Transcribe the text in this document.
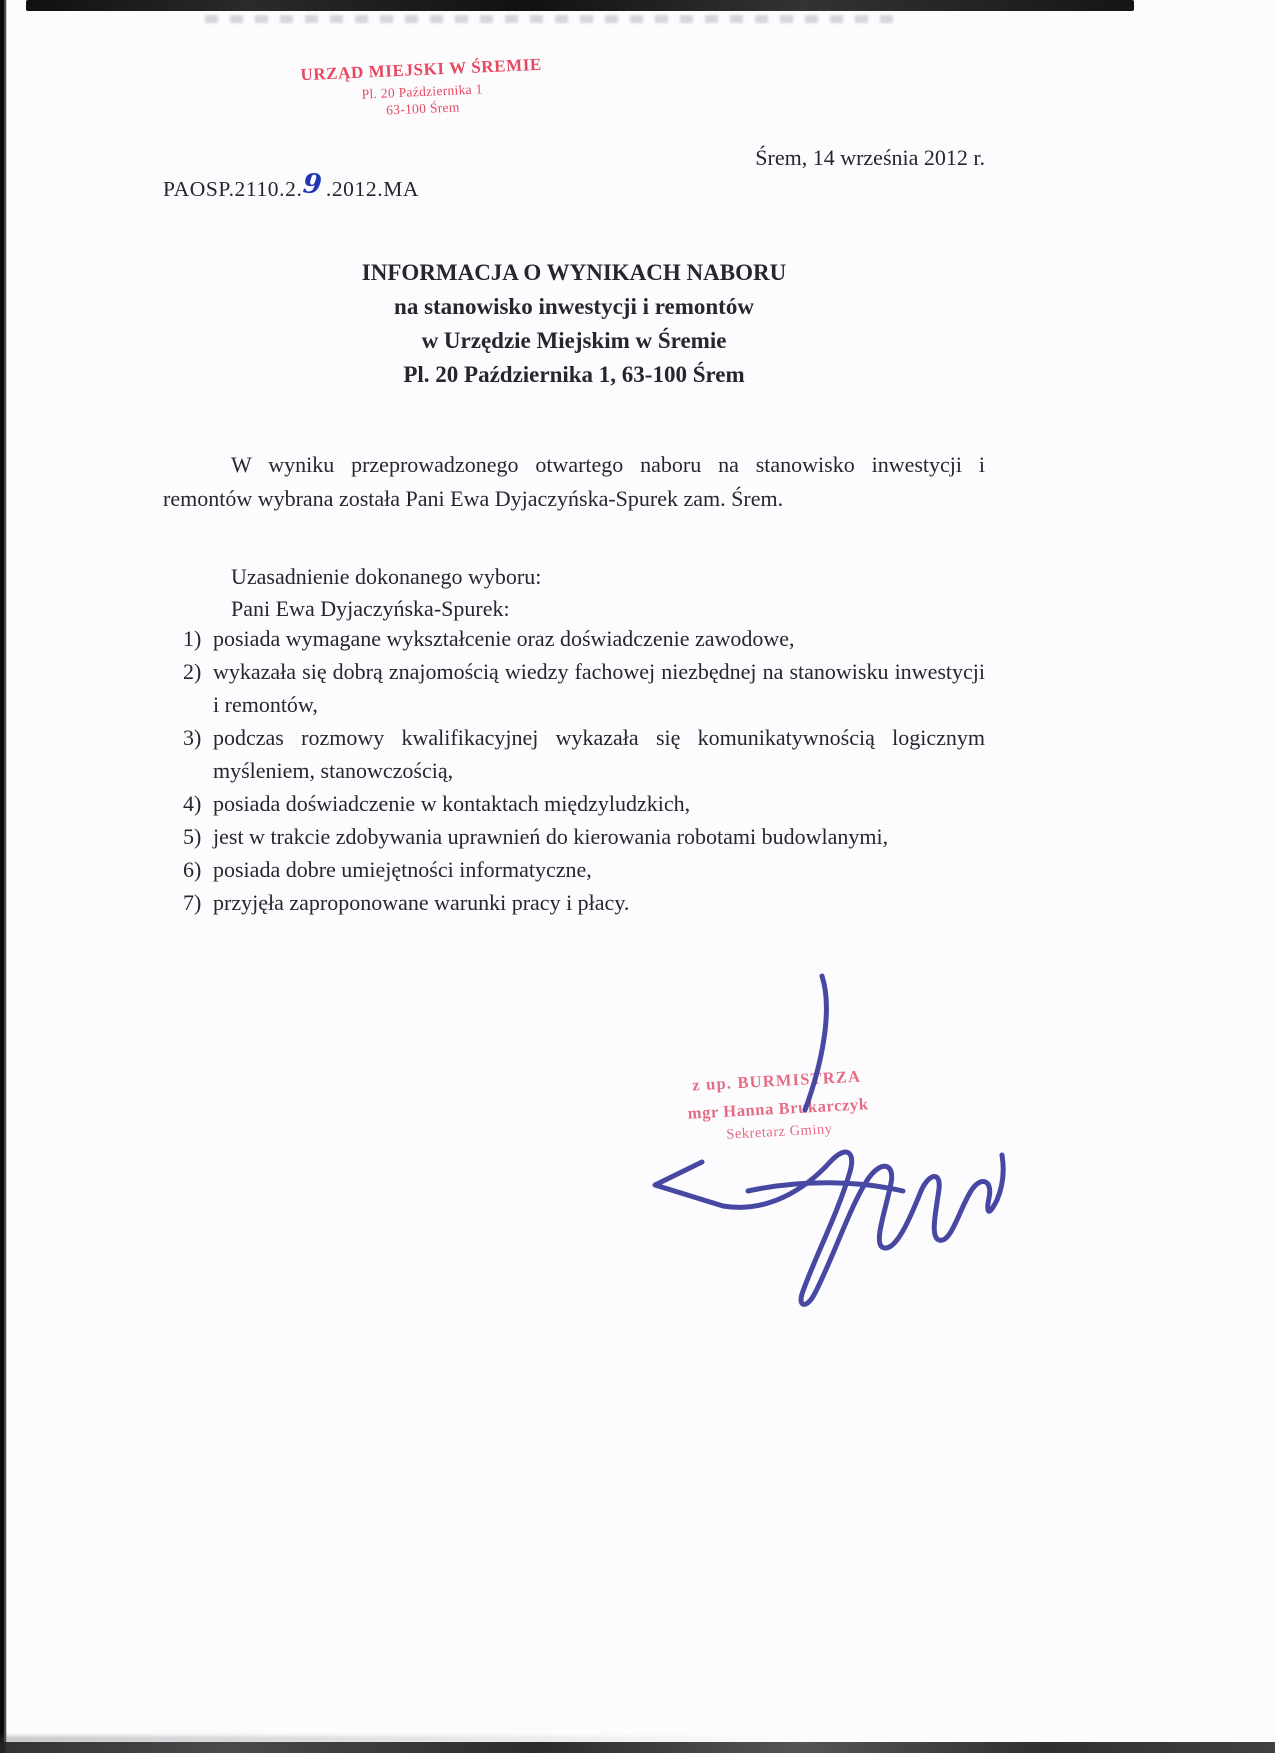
URZĄD MIEJSKI W ŚREMIE
Pl. 20 Października 1
63-100 Śrem
Śrem, 14 września 2012 r.
PAOSP.2110.2.9.2012.MA
INFORMACJA O WYNIKACH NABORU
na stanowisko inwestycji i remontów
w Urzędzie Miejskim w Śremie
Pl. 20 Października 1, 63-100 Śrem
W wyniku przeprowadzonego otwartego naboru na stanowisko inwestycji i remontów wybrana została Pani Ewa Dyjaczyńska-Spurek zam. Śrem.
Uzasadnienie dokonanego wyboru:
Pani Ewa Dyjaczyńska-Spurek:
1) posiada wymagane wykształcenie oraz doświadczenie zawodowe,
2) wykazała się dobrą znajomością wiedzy fachowej niezbędnej na stanowisku inwestycji i remontów,
3) podczas rozmowy kwalifikacyjnej wykazała się komunikatywnością logicznym myśleniem, stanowczością,
4) posiada doświadczenie w kontaktach międzyludzkich,
5) jest w trakcie zdobywania uprawnień do kierowania robotami budowlanymi,
6) posiada dobre umiejętności informatyczne,
7) przyjęła zaproponowane warunki pracy i płacy.
z up. BURMISTRZA
mgr Hanna Brukarczyk
Sekretarz Gminy
